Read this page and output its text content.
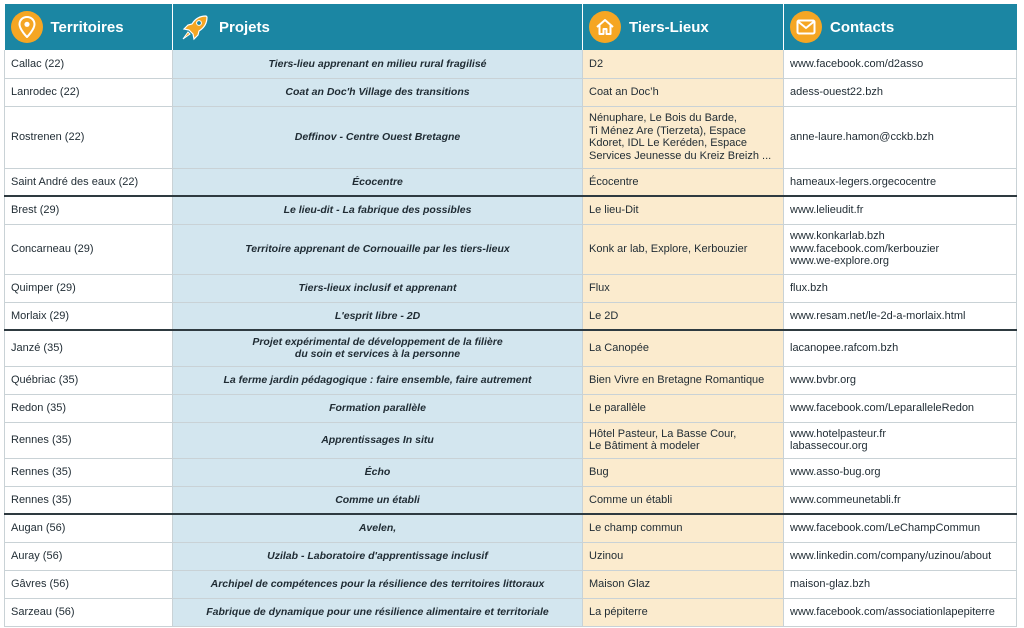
Territoires	Projets	Tiers-Lieux	Contacts

Callac (22)	Tiers-lieu apprenant en milieu rural fragilisé	D2	www.facebook.com/d2asso

Lanrodec (22)	Coat an Doc'h Village des transitions	Coat an Doc’h	adess-ouest22.bzh

Rostrenen (22)	Deffinov - Centre Ouest Bretagne	Nénuphare, Le Bois du Barde,
Ti Ménez Are (Tierzeta), Espace
Kdoret, IDL Le Keréden, Espace
Services Jeunesse du Kreiz Breizh ...	anne-laure.hamon@cckb.bzh

Saint André des eaux (22)	Écocentre	Écocentre	hameaux-legers.orgecocentre

Brest (29)	Le lieu-dit - La fabrique des possibles	Le lieu-Dit	www.lelieudit.fr

Concarneau (29)	Territoire apprenant de Cornouaille par les tiers-lieux	Konk ar lab, Explore, Kerbouzier	www.konkarlab.bzh
www.facebook.com/kerbouzier
www.we-explore.org

Quimper (29)	Tiers-lieux inclusif et apprenant	Flux	flux.bzh

Morlaix (29)	L'esprit libre - 2D	Le 2D	www.resam.net/le-2d-a-morlaix.html

Janzé (35)	Projet expérimental de développement de la filière
du soin et services à la personne	La Canopée	lacanopee.rafcom.bzh

Québriac (35)	La ferme jardin pédagogique : faire ensemble, faire autrement	Bien Vivre en Bretagne Romantique	www.bvbr.org

Redon (35)	Formation parallèle	Le parallèle	www.facebook.com/LeparalleleRedon

Rennes (35)	Apprentissages In situ	Hôtel Pasteur, La Basse Cour,
Le Bâtiment à modeler	www.hotelpasteur.fr
labassecour.org

Rennes (35)	Écho	Bug	www.asso-bug.org

Rennes (35)	Comme un établi	Comme un établi	www.commeunetabli.fr

Augan (56)	Avelen,	Le champ commun	www.facebook.com/LeChampCommun

Auray (56)	Uzilab - Laboratoire d'apprentissage inclusif	Uzinou	www.linkedin.com/company/uzinou/about

Gâvres (56)	Archipel de compétences pour la résilience des territoires littoraux	Maison Glaz	maison-glaz.bzh

Sarzeau (56)	Fabrique de dynamique pour une résilience alimentaire et territoriale	La pépiterre	www.facebook.com/associationlapepiterre
